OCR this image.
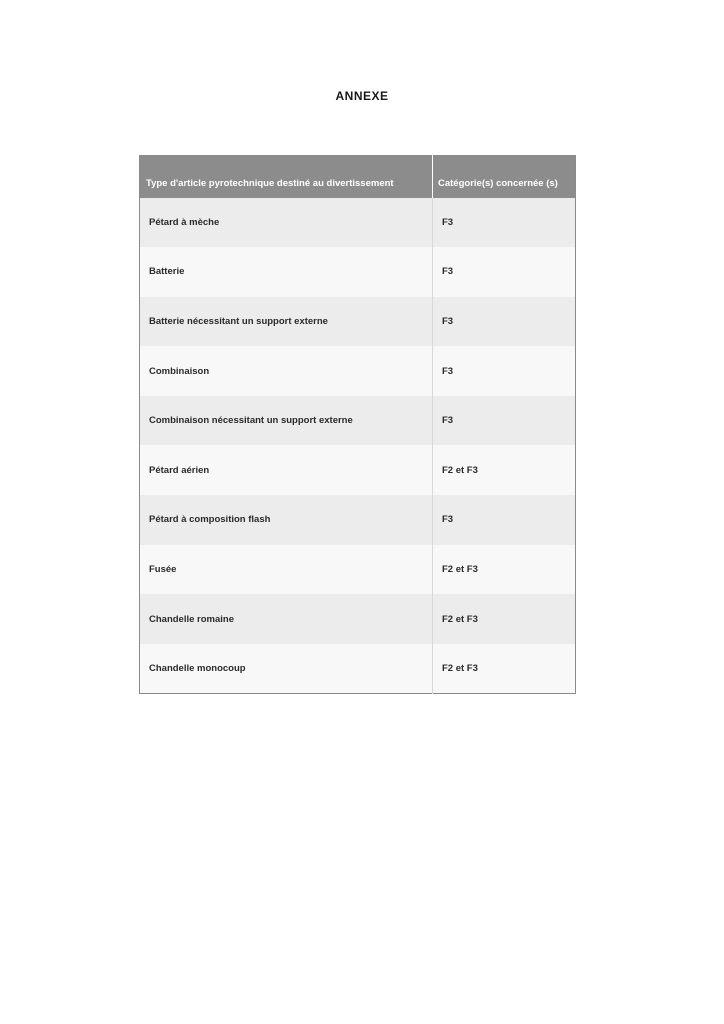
ANNEXE
Type d'article pyrotechnique destiné au divertissement	Catégorie(s) concernée (s)
Pétard à mèche	F3
Batterie	F3
Batterie nécessitant un support externe	F3
Combinaison	F3
Combinaison nécessitant un support externe	F3
Pétard aérien	F2 et F3
Pétard à composition flash	F3
Fusée	F2 et F3
Chandelle romaine	F2 et F3
Chandelle monocoup	F2 et F3
